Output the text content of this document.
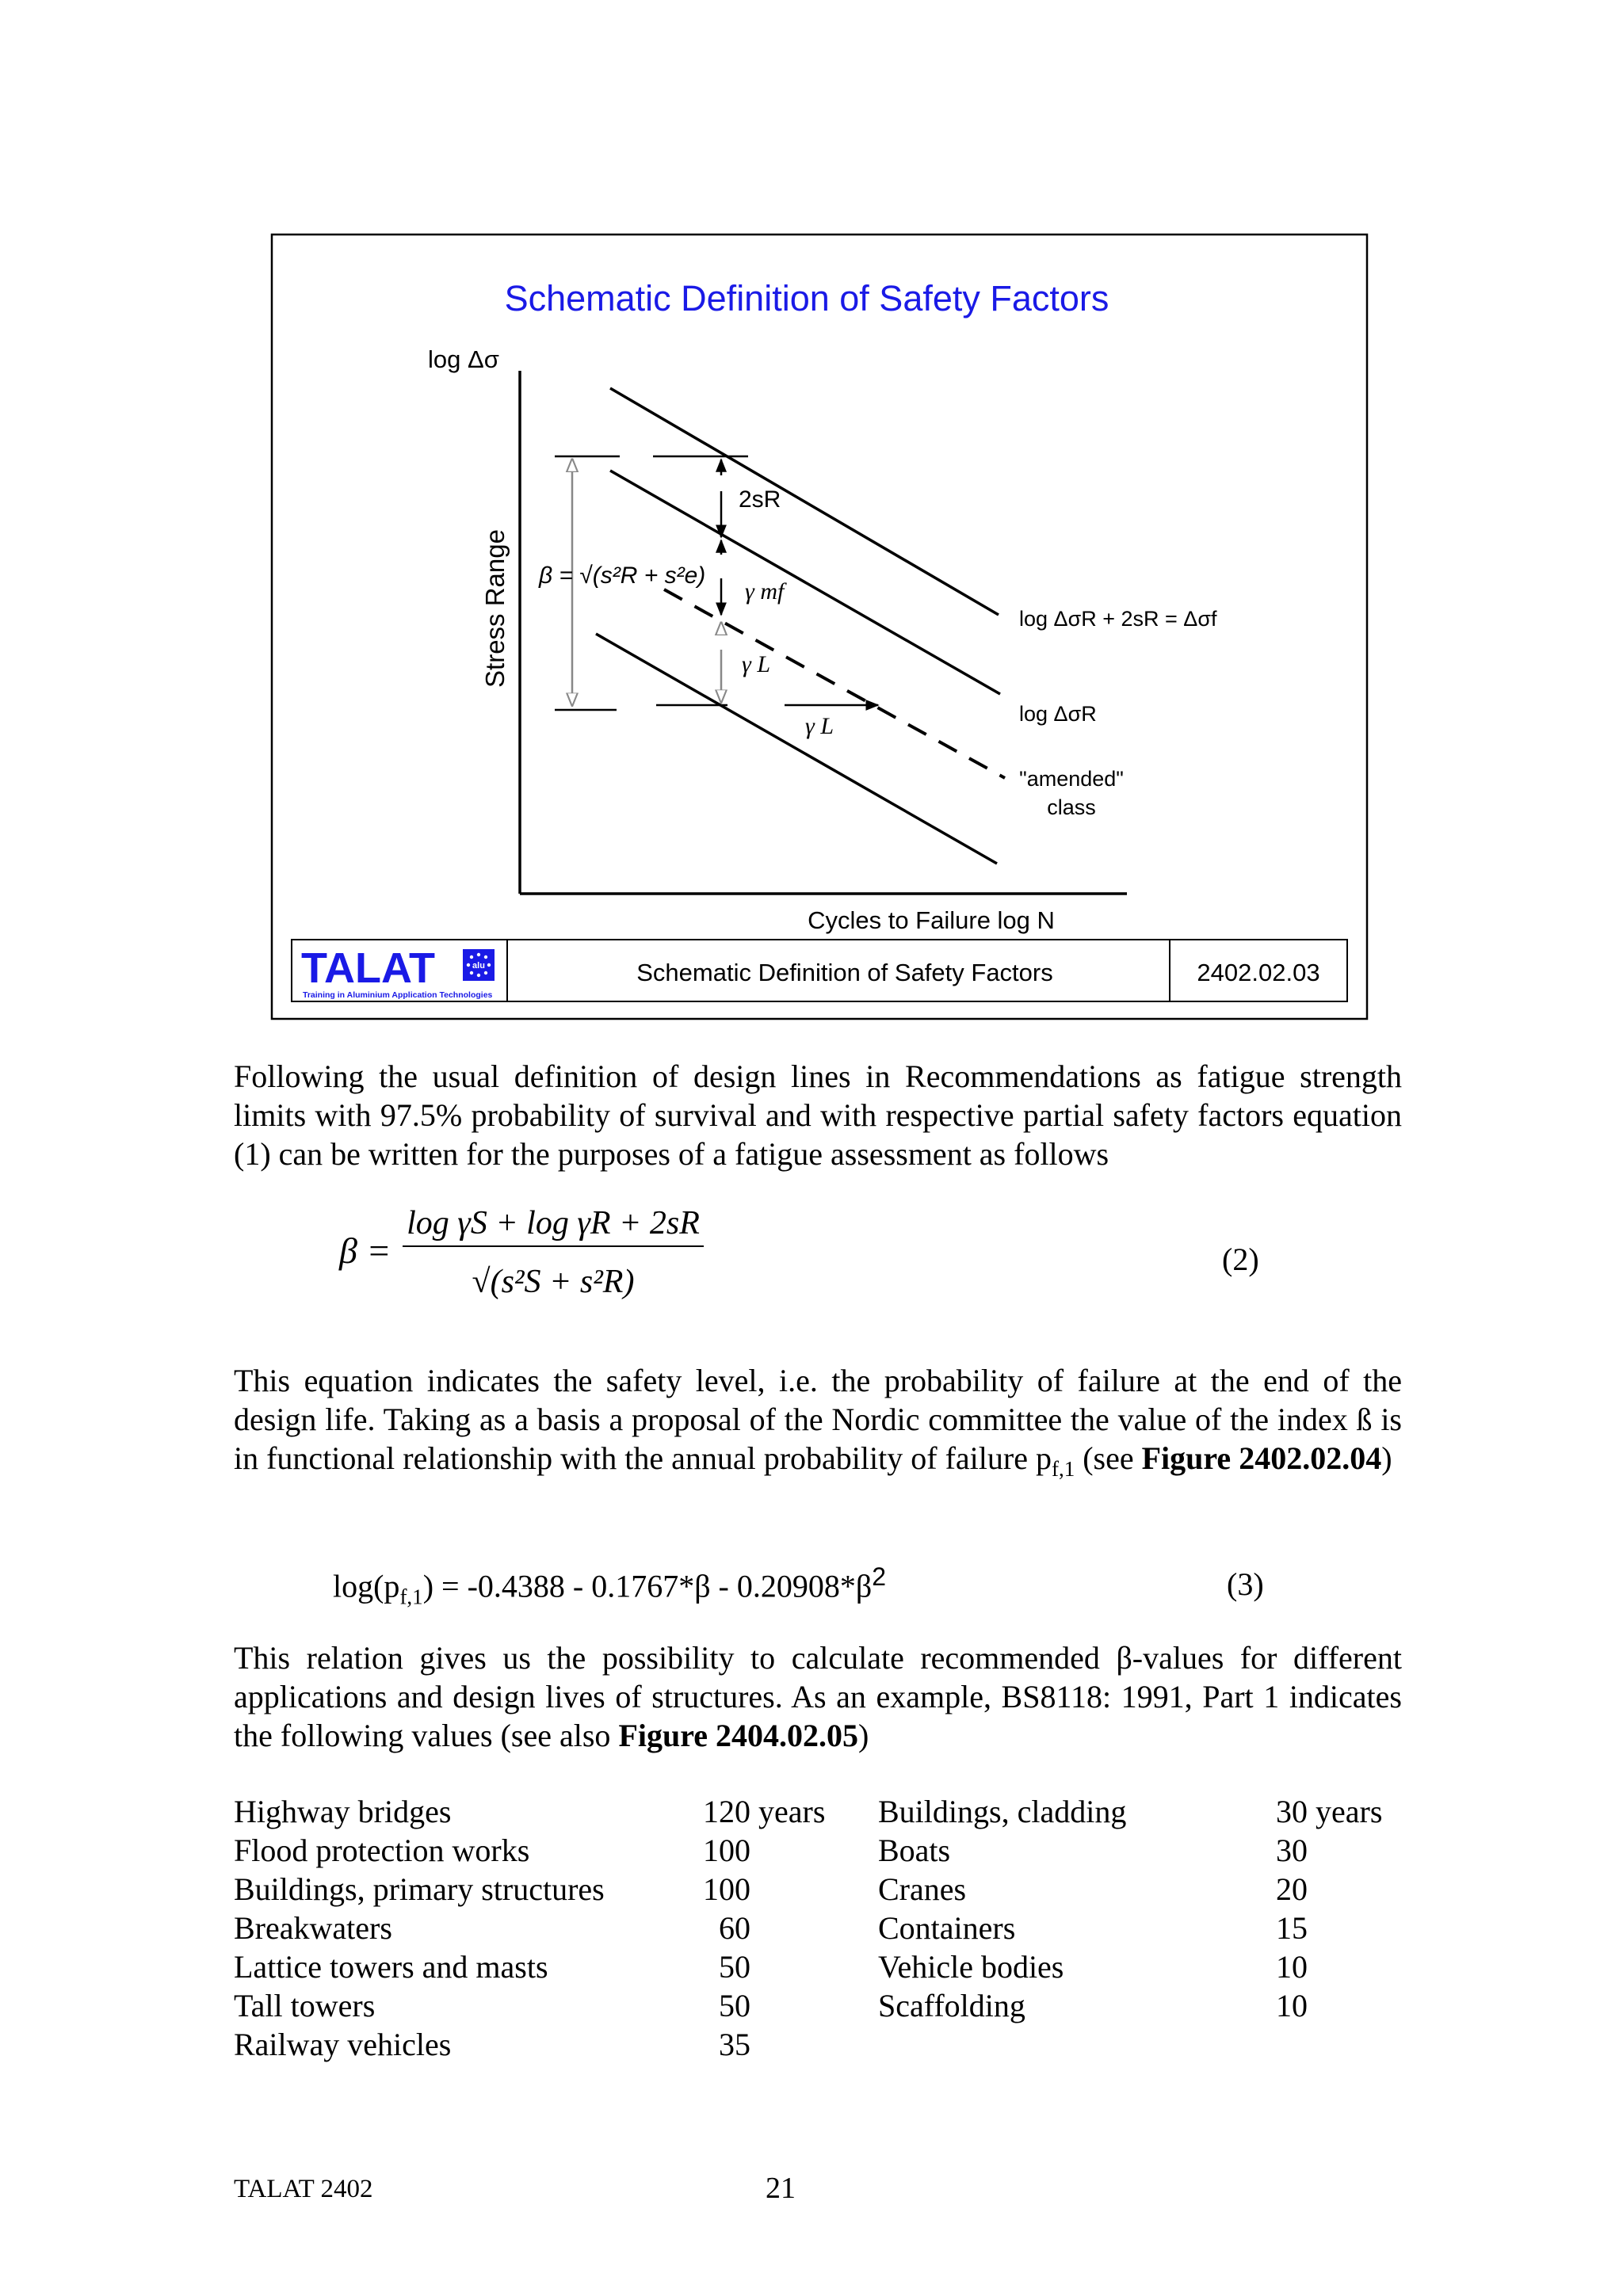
Schematic Definition of Safety Factors
log Δσ
Stress Range
Cycles to Failure log N
β = √(s²R + s²e)
2sR
γ mf
γ L
γ L
log ΔσR + 2sR = Δσf
log ΔσR
"amended"
class
TALAT	alu
Training in Aluminium Application Technologies
Schematic Definition of Safety Factors	2402.02.03
Following the usual definition of design lines in Recommendations as fatigue strength limits with 97.5% probability of survival and with respective partial safety factors equation (1) can be written for the purposes of a fatigue assessment as follows
β =
log γS + log γR + 2sR
√(s²S + s²R)
(2)
This equation indicates the safety level, i.e. the probability of failure at the end of the design life. Taking as a basis a proposal of the Nordic committee the value of the index ß is in functional relationship with the annual probability of failure $p_{f,1}$ (see Figure 2402.02.04)
$\log(p_{f,1}) = -0.4388 - 0.1767*\beta - 0.20908*\beta^2$	(3)
This relation gives us the possibility to calculate recommended β-values for different applications and design lives of structures. As an example, BS8118: 1991, Part 1 indicates the following values (see also Figure 2404.02.05)
Highway bridges	120 years
Flood protection works	100
Buildings, primary structures	100
Breakwaters	60
Lattice towers and masts	50
Tall towers	50
Railway vehicles	35
Buildings, cladding	30 years
Boats	30
Cranes	20
Containers	15
Vehicle bodies	10
Scaffolding	10
TALAT 2402	21
